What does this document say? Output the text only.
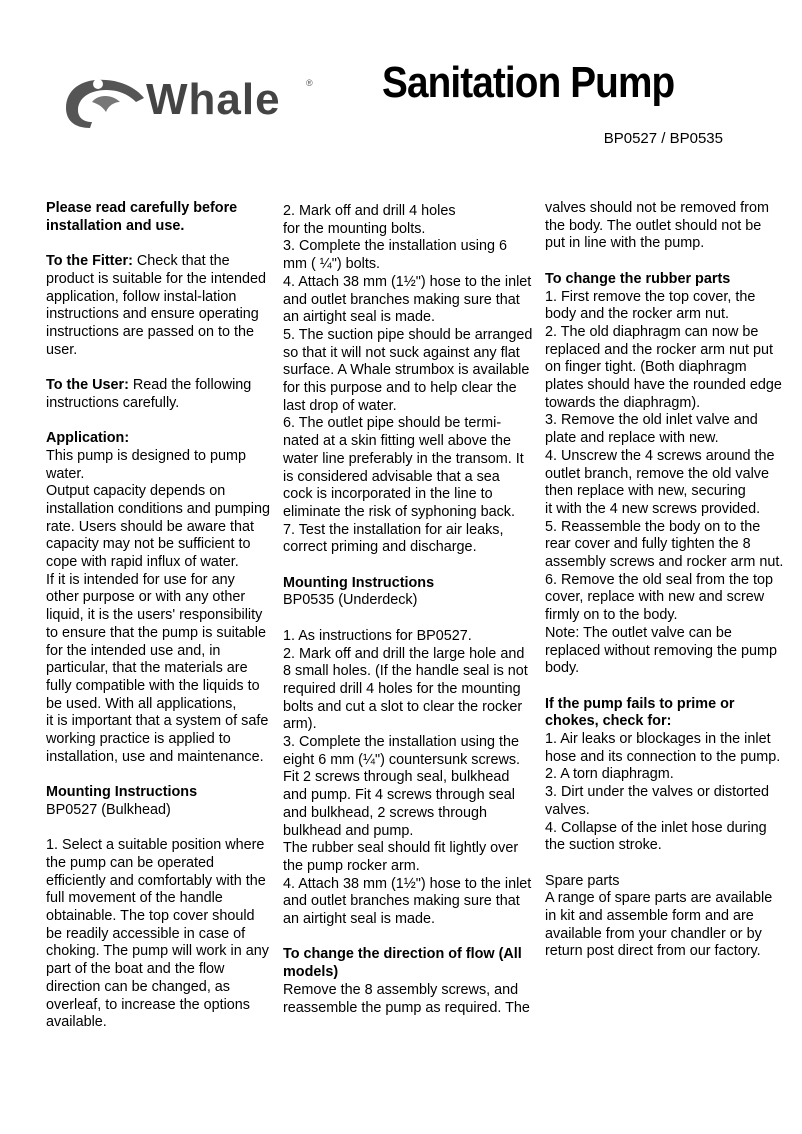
Whale	® Sanitation Pump
BP0527 / BP0535

Please read carefully before installation and use.

To the Fitter: Check that the product is suitable for the intended application, follow instal-lation instructions and ensure operating instructions are passed on to the user.

To the User: Read the following instructions carefully.

Application:

This pump is designed to pump water.

Output capacity depends on installation conditions and pumping rate. Users should be aware that capacity may not be sufficient to cope with rapid influx of water.

If it is intended for use for any other purpose or with any other liquid, it is the users' responsibility to ensure that the pump is suitable for the intended use and, in particular, that the materials are fully compatible with the liquids to be used. With all applications,

it is important that a system of safe working practice is applied to installation, use and maintenance.

Mounting Instructions

BP0527 (Bulkhead)

1. Select a suitable position where the pump can be operated efficiently and comfortably with the full movement of the handle obtainable. The top cover should be readily accessible in case of choking. The pump will work in any part of the boat and the flow direction can be changed, as overleaf, to increase the options available.

2. Mark off and drill 4 holes

for the mounting bolts.

3. Complete the installation using 6 mm ( ¼") bolts.

4. Attach 38 mm (1½") hose to the inlet and outlet branches making sure that an airtight seal is made.

5. The suction pipe should be arranged so that it will not suck against any flat surface. A Whale strumbox is available for this purpose and to help clear the last drop of water.

6. The outlet pipe should be termi-nated at a skin fitting well above the water line preferably in the transom. It is considered advisable that a sea cock is incorporated in the line to eliminate the risk of syphoning back.

7. Test the installation for air leaks, correct priming and discharge.

Mounting Instructions

BP0535 (Underdeck)

1. As instructions for BP0527.

2. Mark off and drill the large hole and 8 small holes. (If the handle seal is not required drill 4 holes for the mounting bolts and cut a slot to clear the rocker arm).

3. Complete the installation using the eight 6 mm (¼") countersunk screws. Fit 2 screws through seal, bulkhead and pump. Fit 4 screws through seal and bulkhead, 2 screws through bulkhead and pump.

The rubber seal should fit lightly over the pump rocker arm.

4. Attach 38 mm (1½") hose to the inlet and outlet branches making sure that an airtight seal is made.

To change the direction of flow (All models)

Remove the 8 assembly screws, and reassemble the pump as required. The

valves should not be removed from the body. The outlet should not be put in line with the pump.

To change the rubber parts

1. First remove the top cover, the body and the rocker arm nut.

2. The old diaphragm can now be replaced and the rocker arm nut put on finger tight. (Both diaphragm plates should have the rounded edge towards the diaphragm).

3. Remove the old inlet valve and plate and replace with new.

4. Unscrew the 4 screws around the outlet branch, remove the old valve then replace with new, securing

it with the 4 new screws provided.

5. Reassemble the body on to the rear cover and fully tighten the 8 assembly screws and rocker arm nut.

6. Remove the old seal from the top cover, replace with new and screw firmly on to the body.

Note: The outlet valve can be replaced without removing the pump body.

If the pump fails to prime or chokes, check for:

1. Air leaks or blockages in the inlet hose and its connection to the pump.

2. A torn diaphragm.

3. Dirt under the valves or distorted valves.

4. Collapse of the inlet hose during the suction stroke.

Spare parts

A range of spare parts are available in kit and assemble form and are available from your chandler or by return post direct from our factory.
